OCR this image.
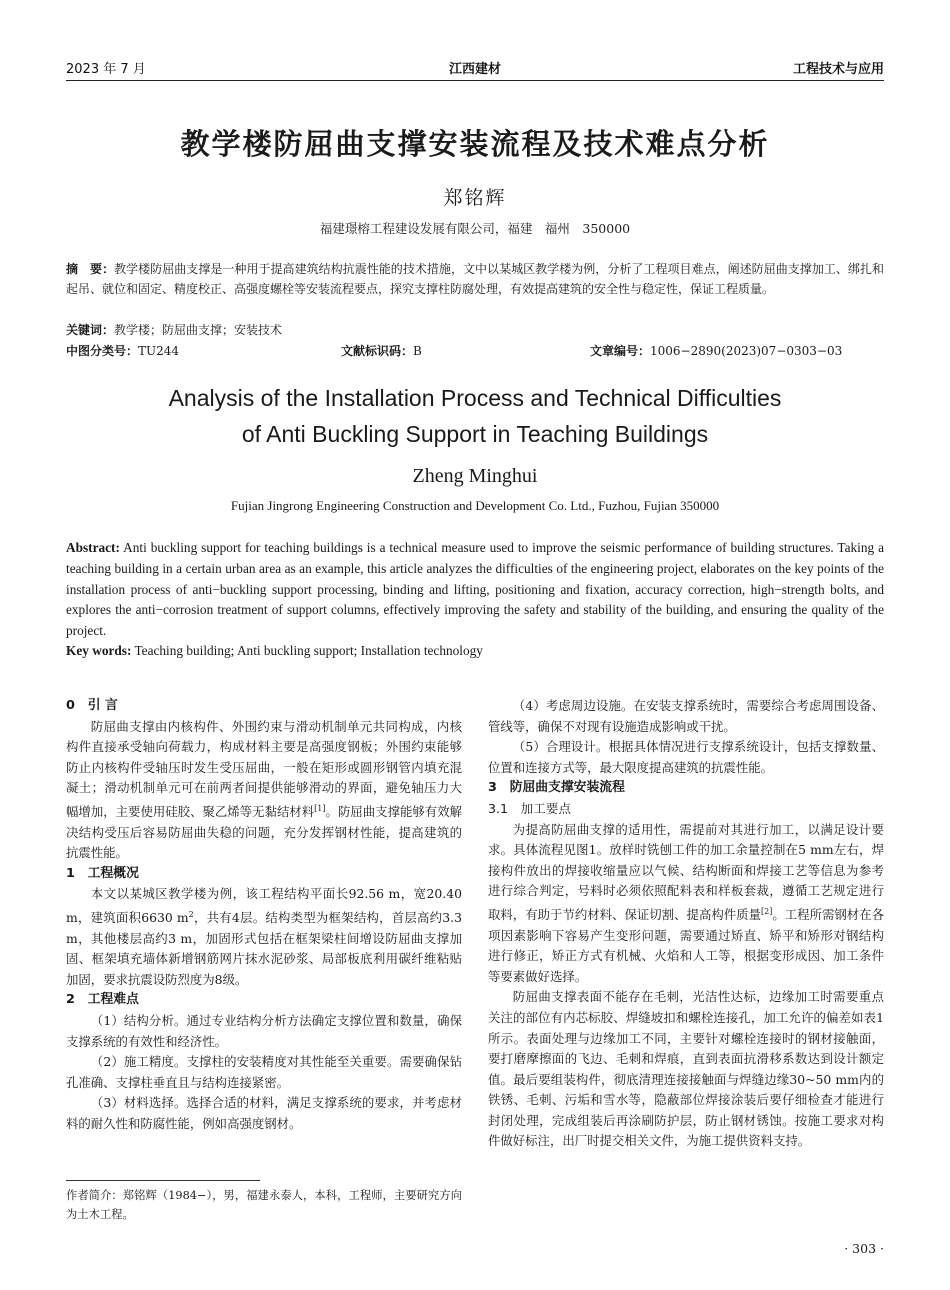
2023 年 7 月	江西建材	工程技术与应用
教学楼防屈曲支撑安装流程及技术难点分析
郑铭辉
福建璟榕工程建设发展有限公司，福建　福州　350000
摘　要：教学楼防屈曲支撑是一种用于提高建筑结构抗震性能的技术措施，文中以某城区教学楼为例，分析了工程项目难点，阐述防屈曲支撑加工、绑扎和起吊、就位和固定、精度校正、高强度螺栓等安装流程要点，探究支撑柱防腐处理，有效提高建筑的安全性与稳定性，保证工程质量。
关键词：教学楼；防屈曲支撑；安装技术
中图分类号：TU244	文献标识码：B	文章编号：1006−2890(2023)07−0303−03
Analysis of the Installation Process and Technical Difficulties
of Anti Buckling Support in Teaching Buildings
Zheng Minghui
Fujian Jingrong Engineering Construction and Development Co. Ltd., Fuzhou, Fujian 350000
Abstract: Anti buckling support for teaching buildings is a technical measure used to improve the seismic performance of building structures. Taking a teaching building in a certain urban area as an example, this article analyzes the difficulties of the engineering project, elaborates on the key points of the installation process of anti−buckling support processing, binding and lifting, positioning and fixation, accuracy correction, high−strength bolts, and explores the anti−corrosion treatment of support columns, effectively improving the safety and stability of the building, and ensuring the quality of the project.
Key words: Teaching building; Anti buckling support; Installation technology
0　引 言

防屈曲支撑由内核构件、外围约束与滑动机制单元共同构成，内核构件直接承受轴向荷载力，构成材料主要是高强度钢板；外围约束能够防止内核构件受轴压时发生受压屈曲，一般在矩形或圆形钢管内填充混凝土；滑动机制单元可在前两者间提供能够滑动的界面，避免轴压力大幅增加，主要使用硅胶、聚乙烯等无黏结材料[1]。防屈曲支撑能够有效解决结构受压后容易防屈曲失稳的问题，充分发挥钢材性能，提高建筑的抗震性能。

1　工程概况

本文以某城区教学楼为例，该工程结构平面长92.56 m，宽20.40 m，建筑面积6630 $m^2$，共有4层。结构类型为框架结构，首层高约3.3 m，其他楼层高约3 m，加固形式包括在框架梁柱间增设防屈曲支撑加固、框架填充墙体新增钢筋网片抹水泥砂浆、局部板底利用碳纤维粘贴加固，要求抗震设防烈度为8级。

2　工程难点

（1）结构分析。通过专业结构分析方法确定支撑位置和数量，确保支撑系统的有效性和经济性。

（2）施工精度。支撑柱的安装精度对其性能至关重要。需要确保钻孔准确、支撑柱垂直且与结构连接紧密。

（3）材料选择。选择合适的材料，满足支撑系统的要求，并考虑材料的耐久性和防腐性能，例如高强度钢材。

作者简介：郑铭辉（1984−），男，福建永泰人，本科，工程师，主要研究方向为土木工程。

（4）考虑周边设施。在安装支撑系统时，需要综合考虑周围设备、管线等，确保不对现有设施造成影响或干扰。

（5）合理设计。根据具体情况进行支撑系统设计，包括支撑数量、位置和连接方式等，最大限度提高建筑的抗震性能。

3　防屈曲支撑安装流程
3.1　加工要点

为提高防屈曲支撑的适用性，需提前对其进行加工，以满足设计要求。具体流程见图1。放样时铣刨工件的加工余量控制在5 mm左右，焊接构件放出的焊接收缩量应以气候、结构断面和焊接工艺等信息为参考进行综合判定，号料时必须依照配料表和样板套裁，遵循工艺规定进行取料，有助于节约材料、保证切割、提高构件质量[2]。工程所需钢材在各项因素影响下容易产生变形问题，需要通过矫直、矫平和矫形对钢结构进行修正，矫正方式有机械、火焰和人工等，根据变形成因、加工条件等要素做好选择。

防屈曲支撑表面不能存在毛刺，光洁性达标，边缘加工时需要重点关注的部位有内芯标胶、焊缝坡扣和螺栓连接孔，加工允许的偏差如表1所示。表面处理与边缘加工不同，主要针对螺栓连接时的钢材接触面，要打磨摩擦面的飞边、毛刺和焊痕，直到表面抗滑移系数达到设计额定值。最后要组装构件，彻底清理连接接触面与焊缝边缘30~50 mm内的铁锈、毛刺、污垢和雪水等，隐蔽部位焊接涂装后要仔细检查才能进行封闭处理，完成组装后再涂刷防护层，防止钢材锈蚀。按施工要求对构件做好标注，出厂时提交相关文件，为施工提供资料支持。

· 303 ·
